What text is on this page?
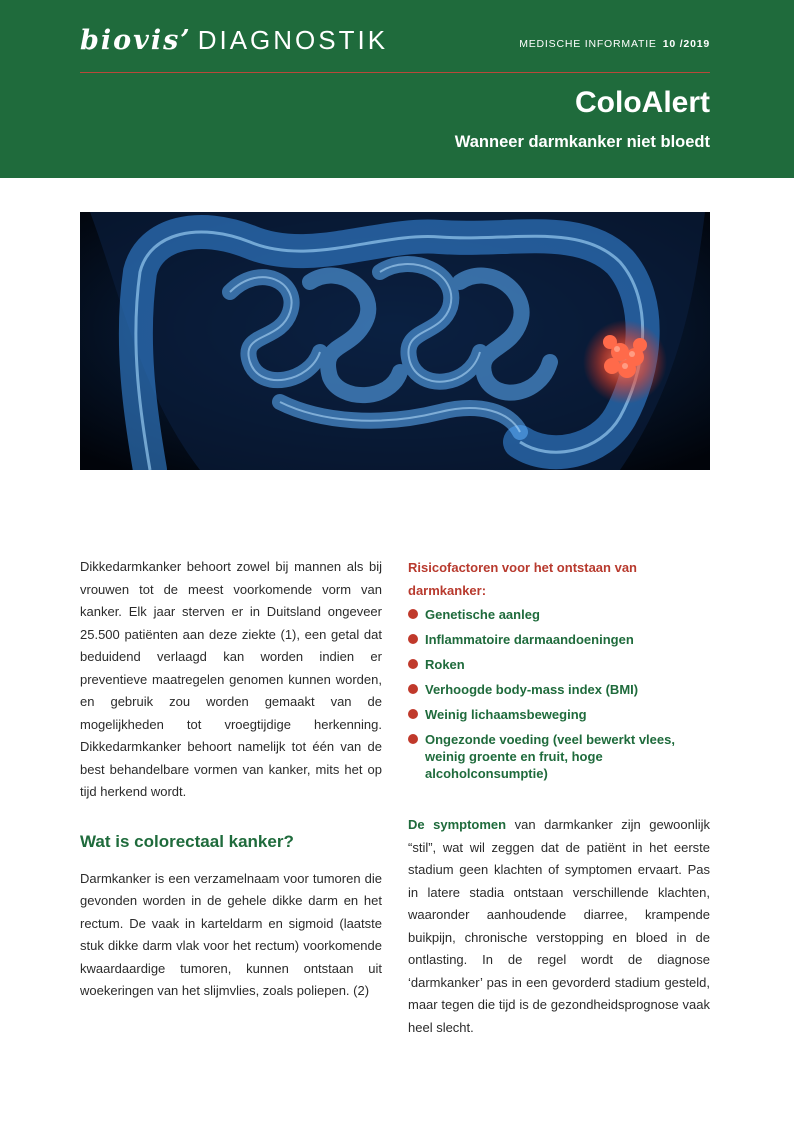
biovis’ DIAGNOSTIK	MEDISCHE INFORMATIE 10 /2019
ColoAlert
Wanneer darmkanker niet bloedt

Dikkedarmkanker behoort zowel bij mannen als bij vrouwen tot de meest voorkomende vorm van kanker. Elk jaar sterven er in Duitsland ongeveer 25.500 patiënten aan deze ziekte (1), een getal dat beduidend verlaagd kan worden indien er preventieve maatregelen genomen kunnen worden, en gebruik zou worden gemaakt van de mogelijkheden tot vroegtijdige herkenning. Dikkedarmkanker behoort namelijk tot één van de best behandelbare vormen van kanker, mits het op tijd herkend wordt.

Wat is colorectaal kanker?

Darmkanker is een verzamelnaam voor tumoren die gevonden worden in de gehele dikke darm en het rectum. De vaak in karteldarm en sigmoid (laatste stuk dikke darm vlak voor het rectum) voorkomende kwaardaardige tumoren, kunnen ontstaan uit woekeringen van het slijmvlies, zoals poliepen. (2)

Risicofactoren voor het ontstaan van darmkanker:

Genetische aanleg
Inflammatoire darmaandoeningen
Roken
Verhoogde body-mass index (BMI)
Weinig lichaamsbeweging
Ongezonde voeding (veel bewerkt vlees, weinig groente en fruit, hoge alcoholconsumptie)

De symptomen van darmkanker zijn gewoonlijk “stil”, wat wil zeggen dat de patiënt in het eerste stadium geen klachten of symptomen ervaart. Pas in latere stadia ontstaan verschillende klachten, waaronder aanhoudende diarree, krampende buikpijn, chronische verstopping en bloed in de ontlasting. In de regel wordt de diagnose ‘darmkanker’ pas in een gevorderd stadium gesteld, maar tegen die tijd is de gezondheidsprognose vaak heel slecht.
